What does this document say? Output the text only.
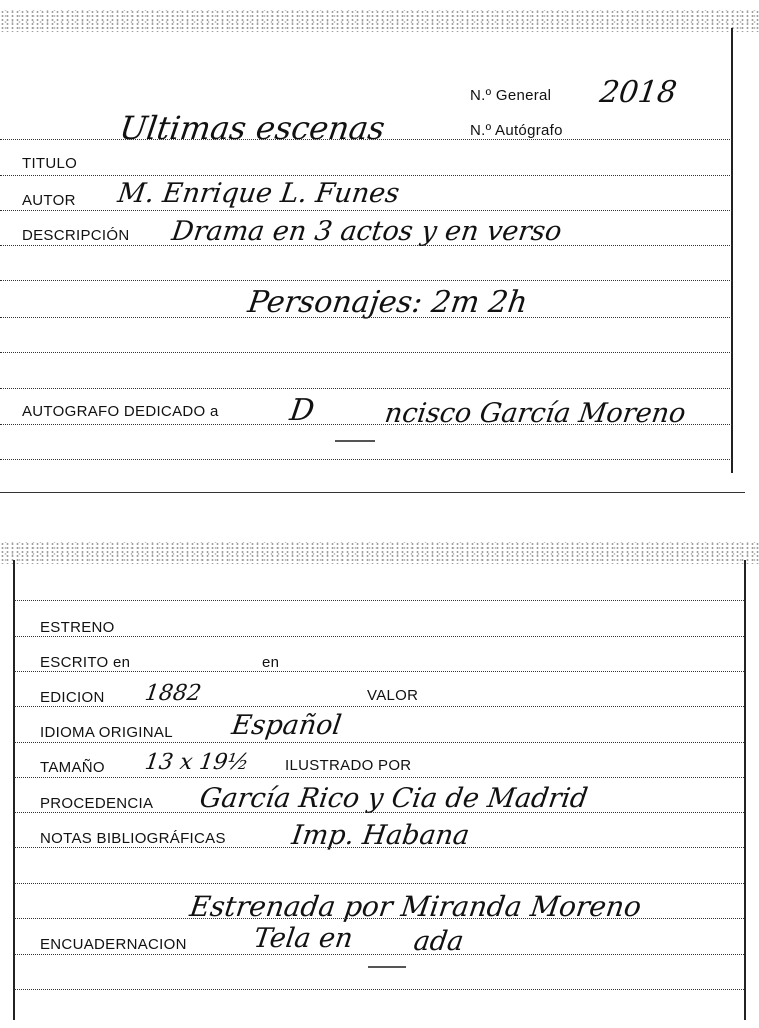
N.º General 2018
Ultimas escenas	N.º Autógrafo
TITULO
AUTOR M. Enrique L. Funes
DESCRIPCIÓN Drama en 3 actos y en verso
Personajes: 2m 2h
AUTOGRAFO DEDICADO a D ncisco García Moreno
ESTRENO
ESCRITO en	en
EDICION 1882	VALOR
IDIOMA ORIGINAL Español
TAMAÑO 13 x 19½ ILUSTRADO POR
PROCEDENCIA García Rico y Cia de Madrid
NOTAS BIBLIOGRÁFICAS Imp. Habana
Estrenada por Miranda Moreno
ENCUADERNACION Tela en ada
